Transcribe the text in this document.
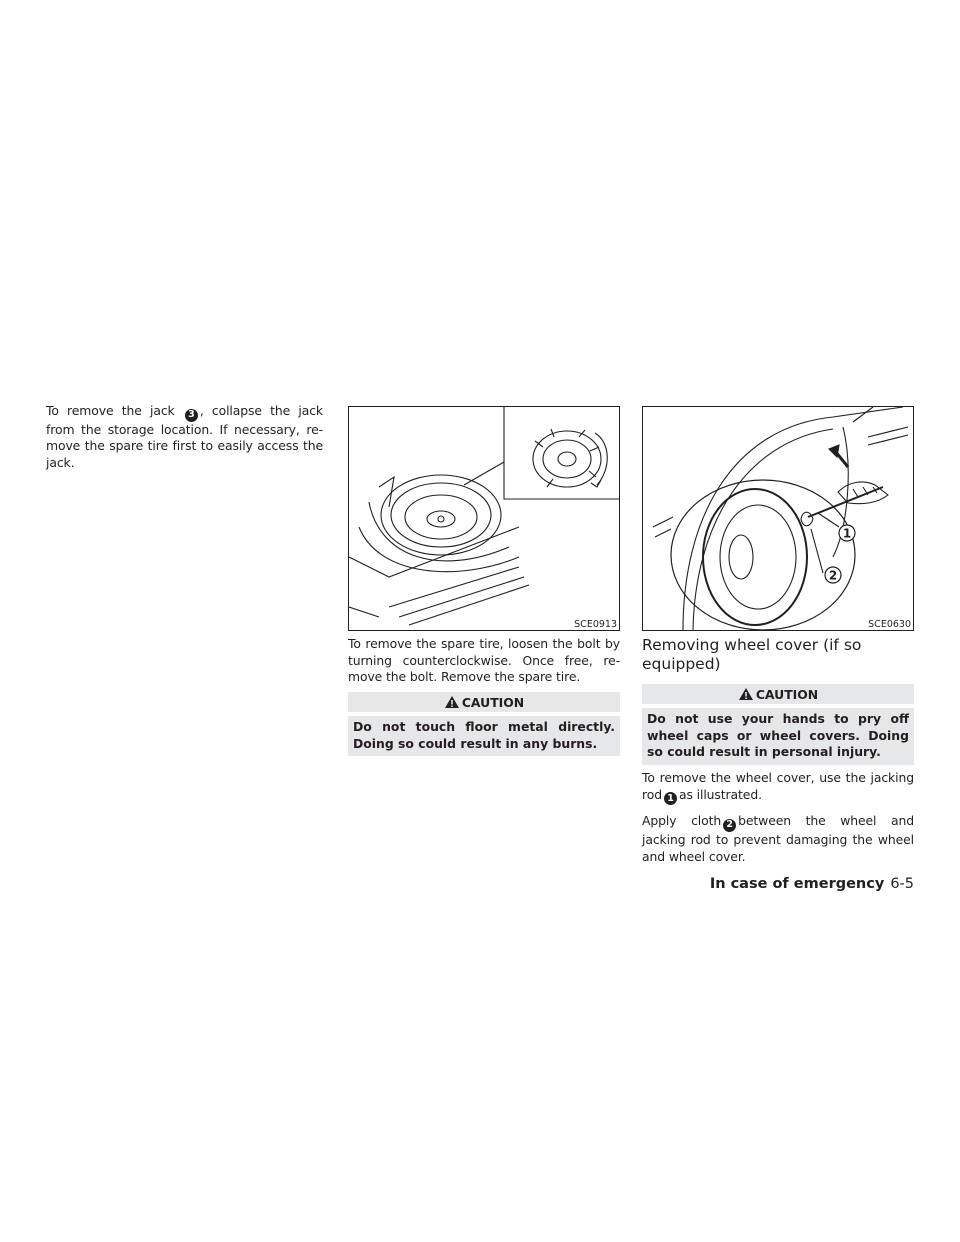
To remove the jack 3 , collapse the jack from the storage location. If necessary, re-move the spare tire first to easily access the jack.

SCE0913

To remove the spare tire, loosen the bolt by turning counterclockwise. Once free, re-move the bolt. Remove the spare tire.

CAUTION
Do not touch floor metal directly. Doing so could result in any burns.
1
2
SCE0630
Removing wheel cover (if so equipped)
CAUTION
Do not use your hands to pry off wheel caps or wheel covers. Doing so could result in personal injury.

To remove the wheel cover, use the jacking rod 1 as illustrated.

Apply cloth 2 between the wheel and jacking rod to prevent damaging the wheel and wheel cover.

In case of emergency 6-5
